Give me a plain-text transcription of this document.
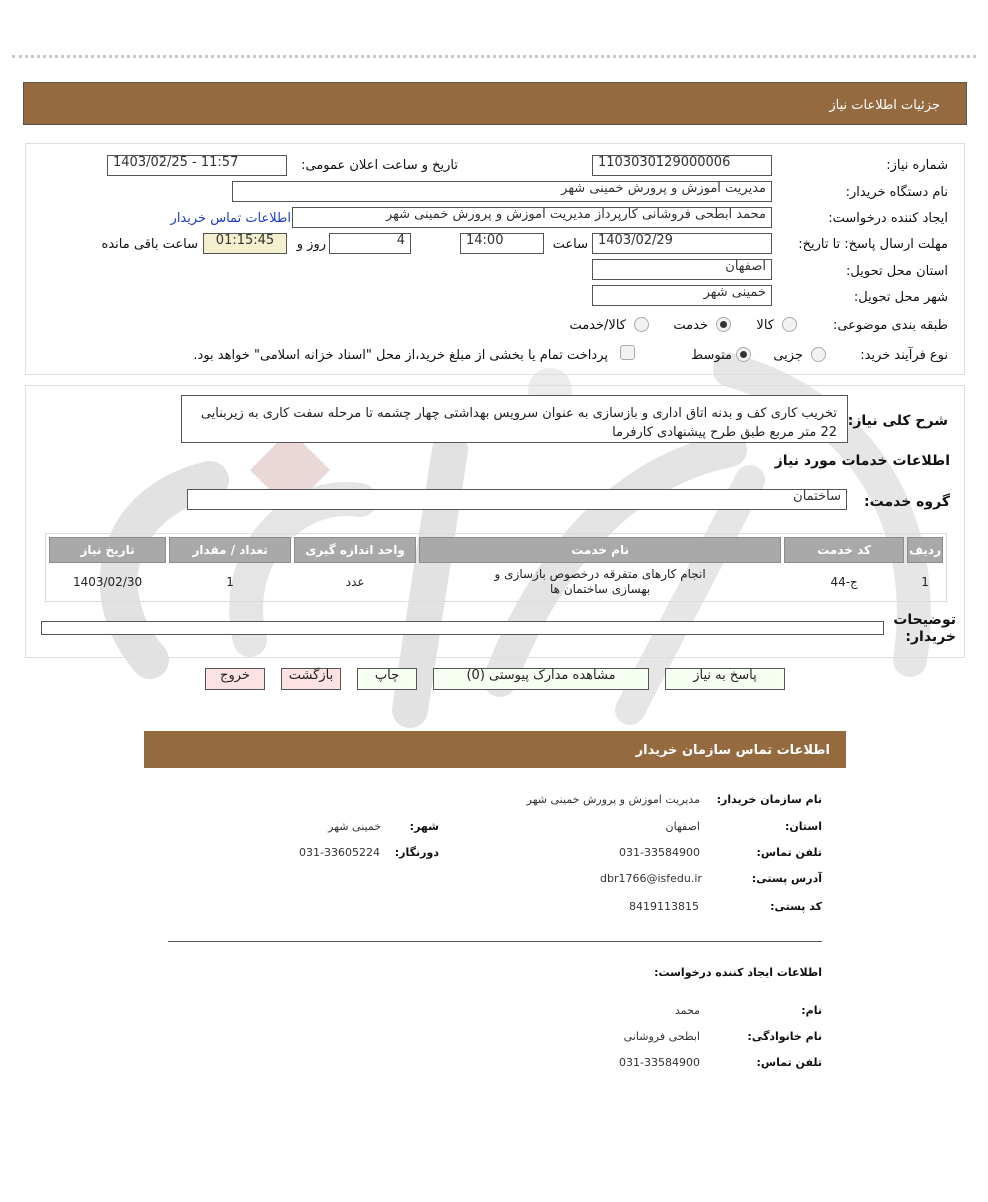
جزئیات اطلاعات نیاز
شماره نیاز:
1103030129000006
تاریخ و ساعت اعلان عمومی:
1403/02/25 - 11:57
نام دستگاه خریدار:
مدیریت اموزش و پرورش خمینی شهر
ایجاد کننده درخواست:
محمد ابطحی فروشانی کارپرداز مدیریت اموزش و پرورش خمینی شهر
اطلاعات تماس خریدار
مهلت ارسال پاسخ: تا تاریخ:
1403/02/29
ساعت
14:00
4
روز و
01:15:45
ساعت باقی مانده
استان محل تحویل:
اصفهان
شهر محل تحویل:
خمینی شهر
طبقه بندی موضوعی:
کالا
خدمت
کالا/خدمت
نوع فرآیند خرید:
جزیی
متوسط
پرداخت تمام یا بخشی از مبلغ خرید،از محل "اسناد خزانه اسلامی" خواهد بود.
شرح کلی نیاز:
تخریب کاری کف و بدنه اتاق اداری و بازسازی به عنوان سرویس بهداشتی چهار چشمه تا مرحله سفت کاری به زیربنایی 22 متر مربع طبق طرح پیشنهادی کارفرما
اطلاعات خدمات مورد نیاز
گروه خدمت:
ساختمان
ردیف	کد خدمت	نام خدمت	واحد اندازه گیری	تعداد / مقدار	تاریخ نیاز
1	ج-44	انجام کارهای متفرقه درخصوص بازسازی و بهسازی ساختمان ها	عدد	1	1403/02/30
توضیحات خریدار:
پاسخ به نیاز
مشاهده مدارک پیوستی (0)
چاپ
بازگشت
خروج
اطلاعات تماس سازمان خریدار
نام سازمان خریدار:
مدیریت اموزش و پرورش خمینی شهر
استان:
اصفهان
شهر:
خمینی شهر
تلفن تماس:
031-33584900
دورنگار:
031-33605224
آدرس پستی:
dbr1766@isfedu.ir
کد پستی:
8419113815
اطلاعات ایجاد کننده درخواست:
نام:
محمد
نام خانوادگی:
ابطحی فروشانی
تلفن تماس:
031-33584900
